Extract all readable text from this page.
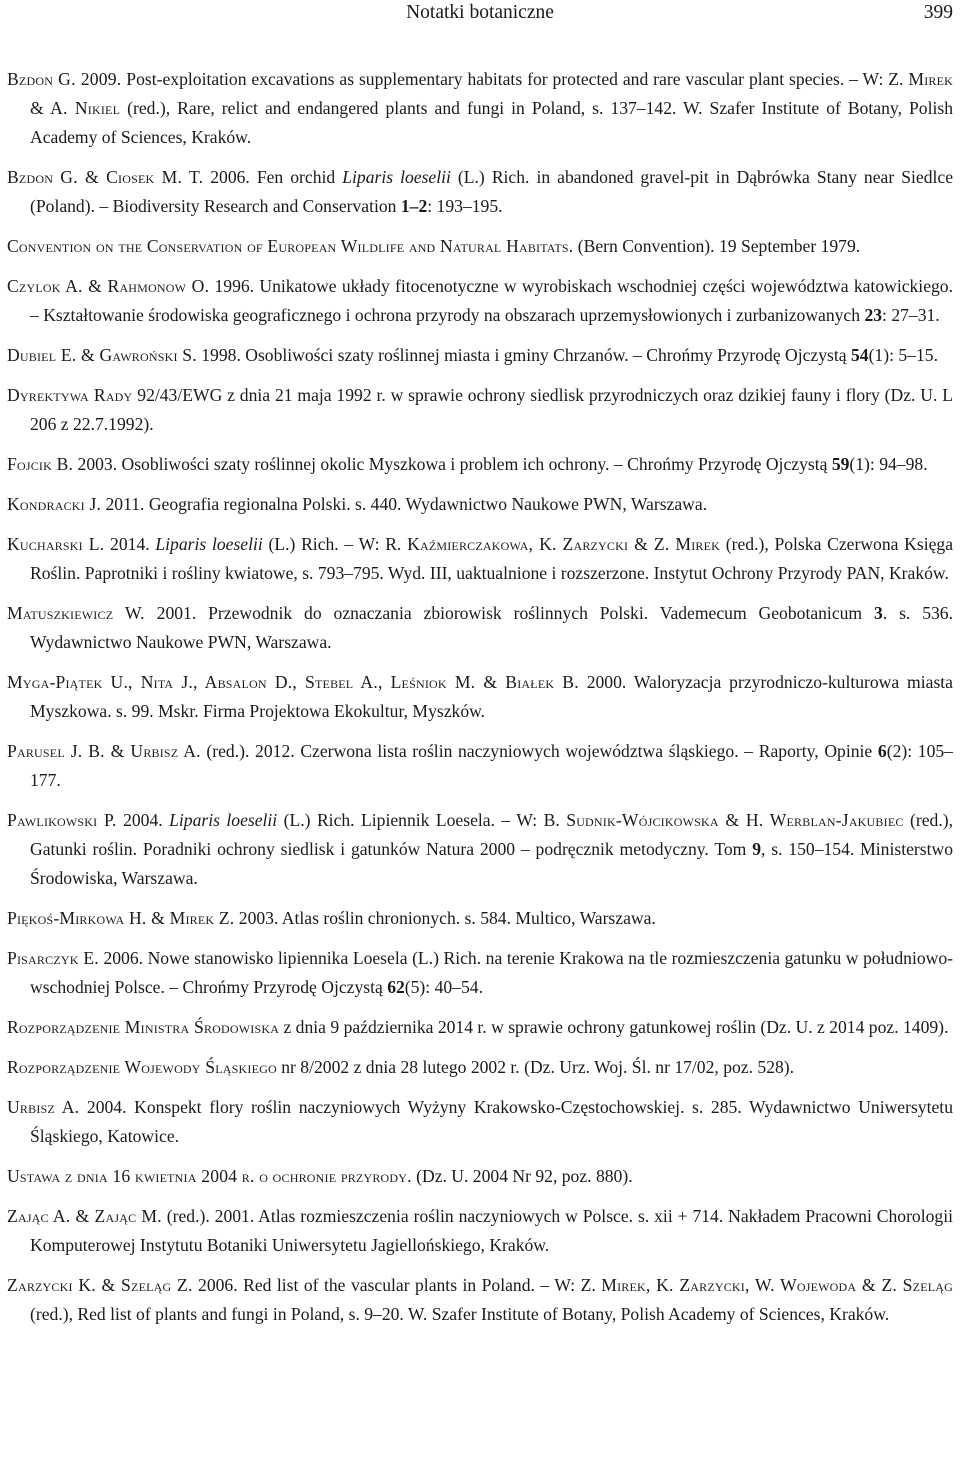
Notatki botaniczne	399
Bzdon G. 2009. Post-exploitation excavations as supplementary habitats for protected and rare vascular plant species. – W: Z. Mirek & A. Nikiel (red.), Rare, relict and endangered plants and fungi in Poland, s. 137–142. W. Szafer Institute of Botany, Polish Academy of Sciences, Kraków.
Bzdon G. & Ciosek M. T. 2006. Fen orchid Liparis loeselii (L.) Rich. in abandoned gravel-pit in Dąbrówka Stany near Siedlce (Poland). – Biodiversity Research and Conservation 1–2: 193–195.
Convention on the Conservation of European Wildlife and Natural Habitats. (Bern Convention). 19 September 1979.
Czylok A. & Rahmonow O. 1996. Unikatowe układy fitocenotyczne w wyrobiskach wschodniej części województwa katowickiego. – Kształtowanie środowiska geograficznego i ochrona przyrody na obszarach uprzemysłowionych i zurbanizowanych 23: 27–31.
Dubiel E. & Gawroński S. 1998. Osobliwości szaty roślinnej miasta i gminy Chrzanów. – Chrońmy Przyrodę Ojczystą 54(1): 5–15.
Dyrektywa Rady 92/43/EWG z dnia 21 maja 1992 r. w sprawie ochrony siedlisk przyrodniczych oraz dzikiej fauny i flory (Dz. U. L 206 z 22.7.1992).
Fojcik B. 2003. Osobliwości szaty roślinnej okolic Myszkowa i problem ich ochrony. – Chrońmy Przyrodę Ojczystą 59(1): 94–98.
Kondracki J. 2011. Geografia regionalna Polski. s. 440. Wydawnictwo Naukowe PWN, Warszawa.
Kucharski L. 2014. Liparis loeselii (L.) Rich. – W: R. Kaźmierczakowa, K. Zarzycki & Z. Mirek (red.), Polska Czerwona Księga Roślin. Paprotniki i rośliny kwiatowe, s. 793–795. Wyd. III, uaktualnione i rozszerzone. Instytut Ochrony Przyrody PAN, Kraków.
Matuszkiewicz W. 2001. Przewodnik do oznaczania zbiorowisk roślinnych Polski. Vademecum Geobotanicum 3. s. 536. Wydawnictwo Naukowe PWN, Warszawa.
Myga-Piątek U., Nita J., Absalon D., Stebel A., Leśniok M. & Białek B. 2000. Waloryzacja przyrodniczo-kulturowa miasta Myszkowa. s. 99. Mskr. Firma Projektowa Ekokultur, Myszków.
Parusel J. B. & Urbisz A. (red.). 2012. Czerwona lista roślin naczyniowych województwa śląskiego. – Raporty, Opinie 6(2): 105–177.
Pawlikowski P. 2004. Liparis loeselii (L.) Rich. Lipiennik Loesela. – W: B. Sudnik-Wójcikowska & H. Werblan-Jakubiec (red.), Gatunki roślin. Poradniki ochrony siedlisk i gatunków Natura 2000 – podręcznik metodyczny. Tom 9, s. 150–154. Ministerstwo Środowiska, Warszawa.
Piękoś-Mirkowa H. & Mirek Z. 2003. Atlas roślin chronionych. s. 584. Multico, Warszawa.
Pisarczyk E. 2006. Nowe stanowisko lipiennika Loesela (L.) Rich. na terenie Krakowa na tle rozmieszczenia gatunku w południowo-wschodniej Polsce. – Chrońmy Przyrodę Ojczystą 62(5): 40–54.
Rozporządzenie Ministra Środowiska z dnia 9 października 2014 r. w sprawie ochrony gatunkowej roślin (Dz. U. z 2014 poz. 1409).
Rozporządzenie Wojewody Śląskiego nr 8/2002 z dnia 28 lutego 2002 r. (Dz. Urz. Woj. Śl. nr 17/02, poz. 528).
Urbisz A. 2004. Konspekt flory roślin naczyniowych Wyżyny Krakowsko-Częstochowskiej. s. 285. Wydawnictwo Uniwersytetu Śląskiego, Katowice.
Ustawa z dnia 16 kwietnia 2004 r. o ochronie przyrody. (Dz. U. 2004 Nr 92, poz. 880).
Zając A. & Zając M. (red.). 2001. Atlas rozmieszczenia roślin naczyniowych w Polsce. s. xii + 714. Nakładem Pracowni Chorologii Komputerowej Instytutu Botaniki Uniwersytetu Jagiellońskiego, Kraków.
Zarzycki K. & Szeląg Z. 2006. Red list of the vascular plants in Poland. – W: Z. Mirek, K. Zarzycki, W. Wojewoda & Z. Szeląg (red.), Red list of plants and fungi in Poland, s. 9–20. W. Szafer Institute of Botany, Polish Academy of Sciences, Kraków.
